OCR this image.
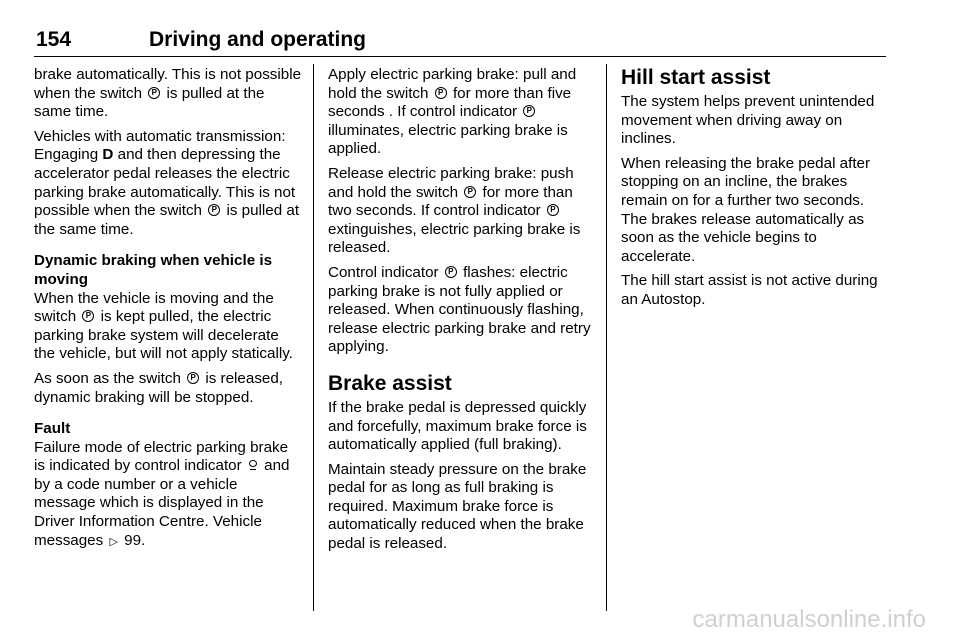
154	Driving and operating

brake automatically. This is not possible when the switch P is pulled at the same time.

Vehicles with automatic transmission: Engaging D and then depressing the accelerator pedal releases the electric parking brake automatically. This is not possible when the switch P is pulled at the same time.

Dynamic braking when vehicle is moving

When the vehicle is moving and the switch P is kept pulled, the electric parking brake system will decelerate the vehicle, but will not apply statically.

As soon as the switch P is released, dynamic braking will be stopped.

Fault

Failure mode of electric parking brake is indicated by control indicator and by a code number or a vehicle message which is displayed in the Driver Information Centre. Vehicle messages ▷ 99.

Apply electric parking brake: pull and hold the switch P for more than five seconds . If control indicator P illuminates, electric parking brake is applied.

Release electric parking brake: push and hold the switch P for more than two seconds. If control indicator P extinguishes, electric parking brake is released.

Control indicator P flashes: electric parking brake is not fully applied or released. When continuously flashing, release electric parking brake and retry applying.

Brake assist

If the brake pedal is depressed quickly and forcefully, maximum brake force is automatically applied (full braking).

Maintain steady pressure on the brake pedal for as long as full braking is required. Maximum brake force is automatically reduced when the brake pedal is released.

Hill start assist

The system helps prevent unintended movement when driving away on inclines.

When releasing the brake pedal after stopping on an incline, the brakes remain on for a further two seconds. The brakes release automatically as soon as the vehicle begins to accelerate.

The hill start assist is not active during an Autostop.

carmanualsonline.info
